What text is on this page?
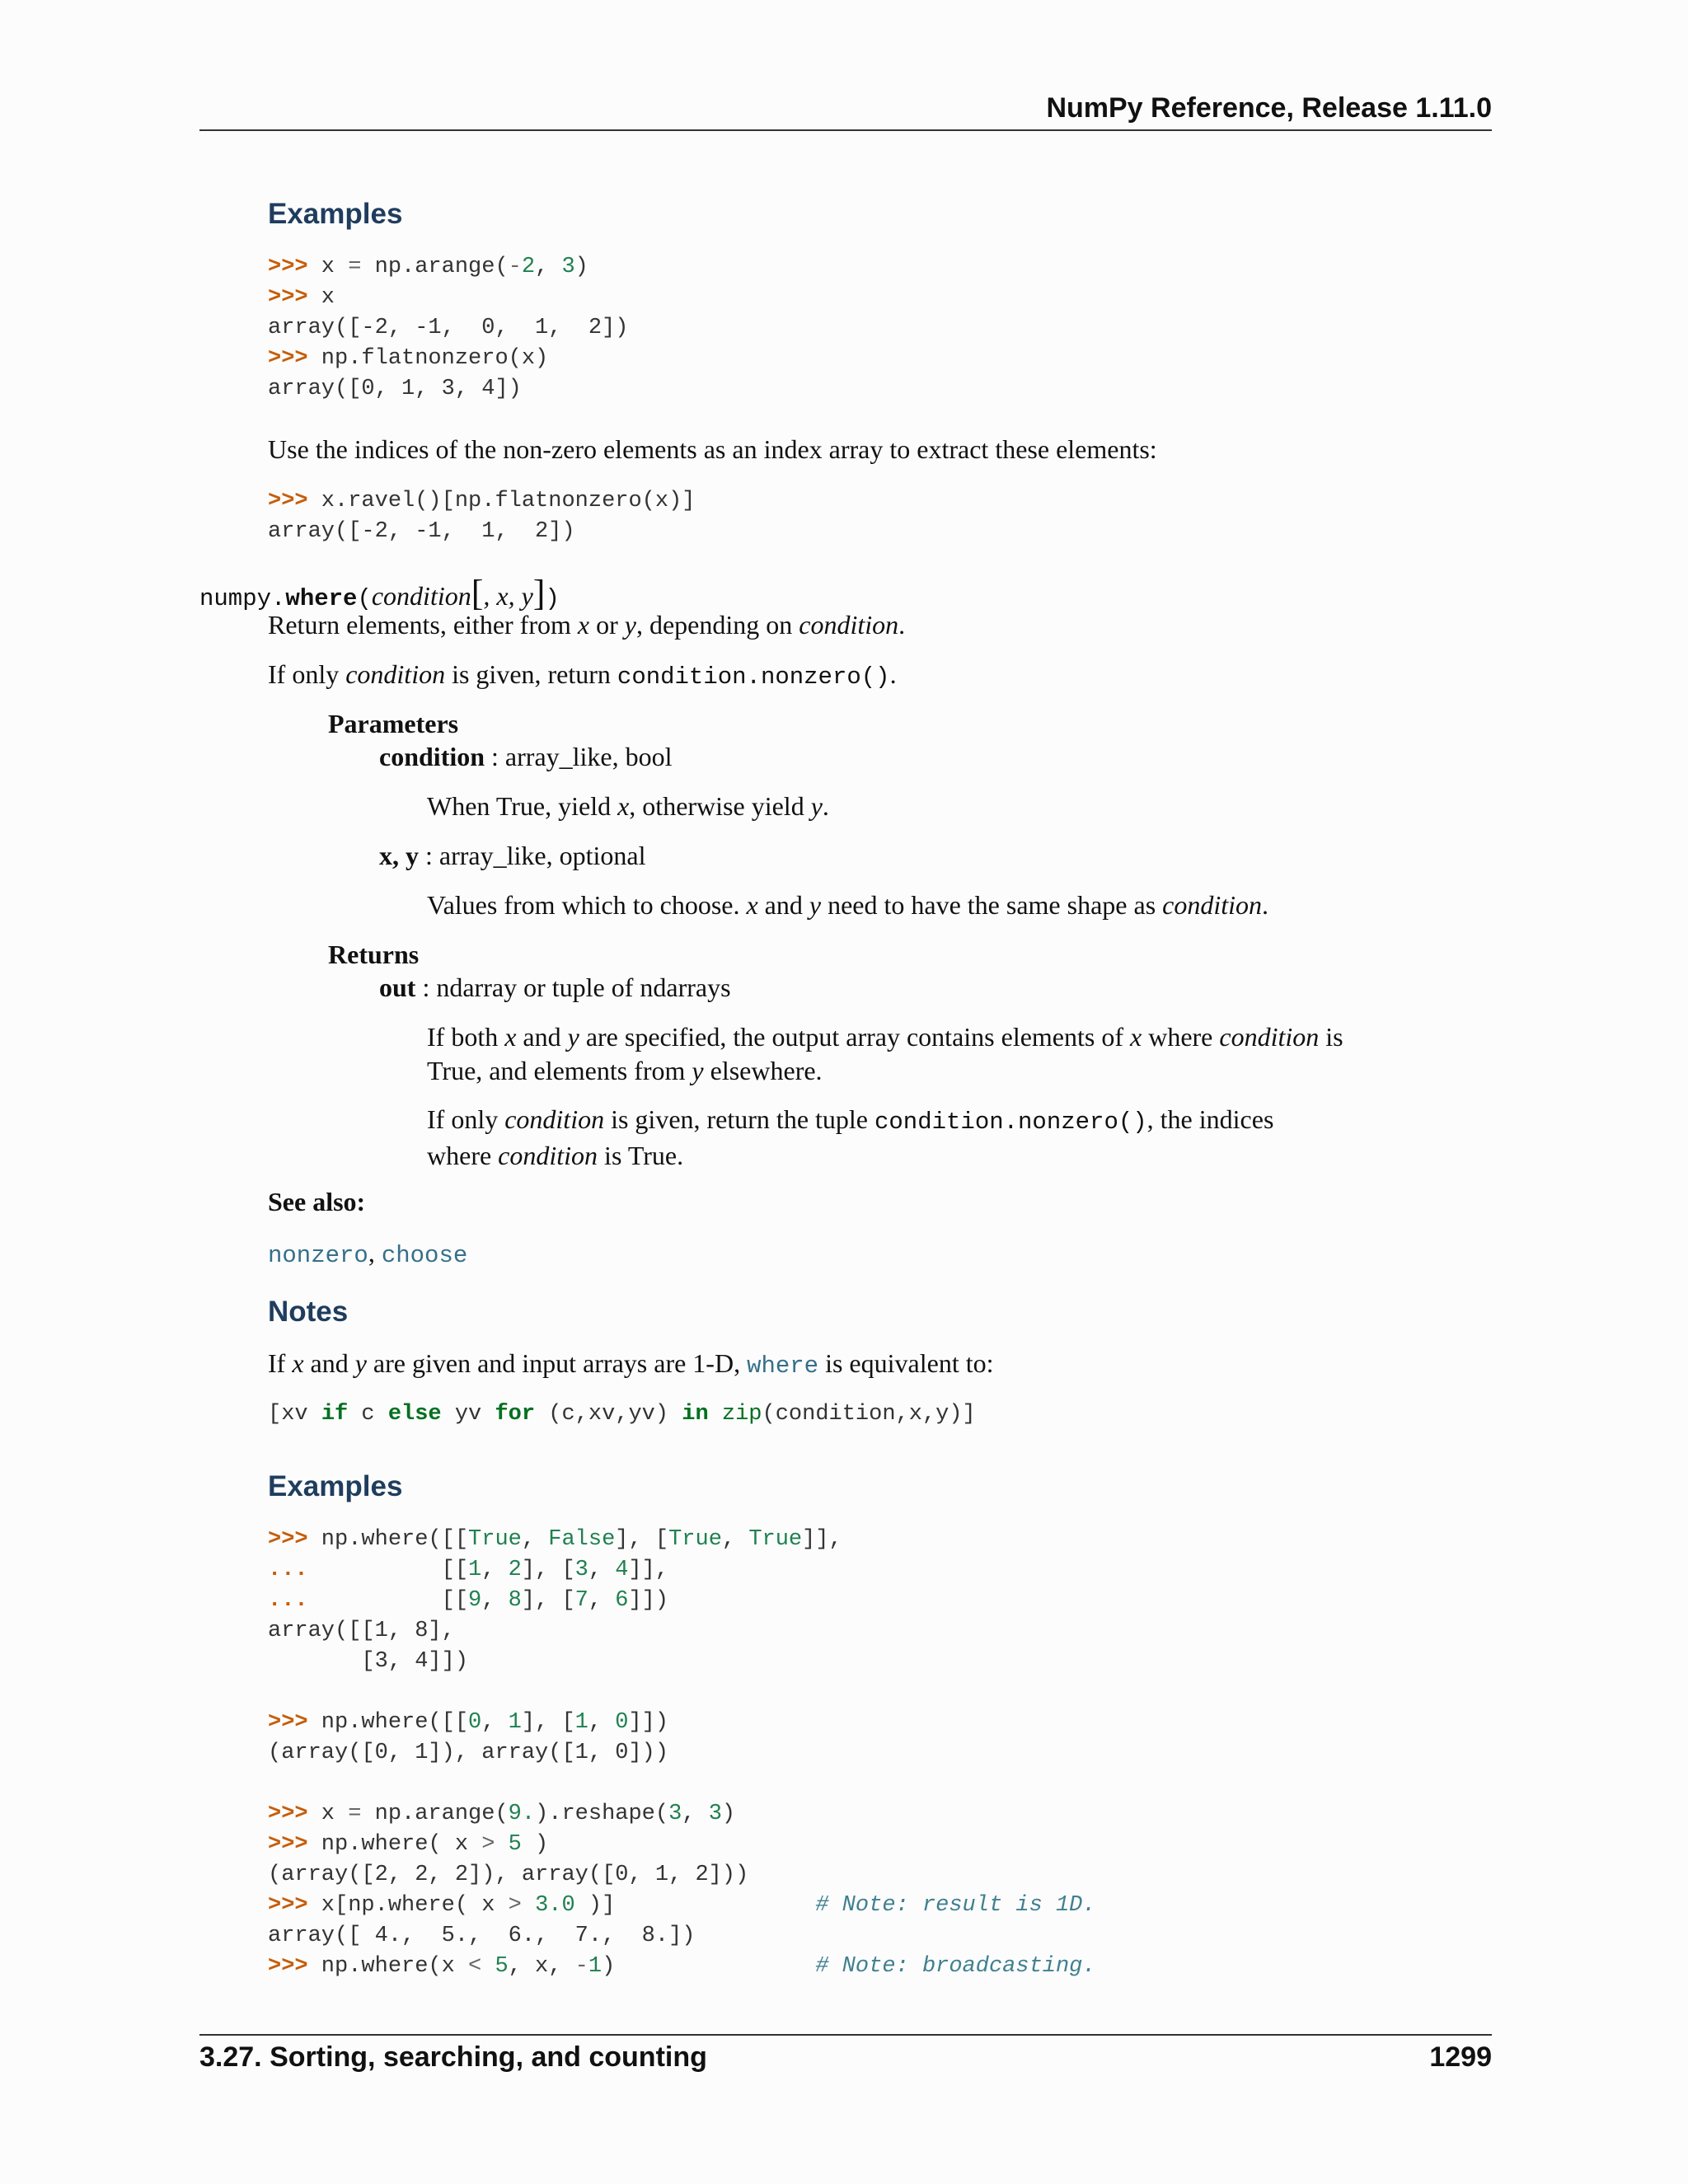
NumPy Reference, Release 1.11.0
Examples
>>> x = np.arange(-2, 3)
>>> x
array([-2, -1,  0,  1,  2])
>>> np.flatnonzero(x)
array([0, 1, 3, 4])
Use the indices of the non-zero elements as an index array to extract these elements:
>>> x.ravel()[np.flatnonzero(x)]
array([-2, -1,  1,  2])
numpy.where(condition[, x, y])
Return elements, either from x or y, depending on condition.
If only condition is given, return condition.nonzero().
Parameters
condition : array_like, bool
When True, yield x, otherwise yield y.
x, y : array_like, optional
Values from which to choose. x and y need to have the same shape as condition.
Returns
out : ndarray or tuple of ndarrays
If both x and y are specified, the output array contains elements of x where condition is
True, and elements from y elsewhere.
If only condition is given, return the tuple condition.nonzero(), the indices
where condition is True.
See also:
nonzero, choose
Notes
If x and y are given and input arrays are 1-D, where is equivalent to:
[xv if c else yv for (c,xv,yv) in zip(condition,x,y)]
Examples
>>> np.where([[True, False], [True, True]],
...          [[1, 2], [3, 4]],
...          [[9, 8], [7, 6]])
array([[1, 8],
[3, 4]])

>>> np.where([[0, 1], [1, 0]])
(array([0, 1]), array([1, 0]))

>>> x = np.arange(9.).reshape(3, 3)
>>> np.where( x > 5 )
(array([2, 2, 2]), array([0, 1, 2]))
>>> x[np.where( x > 3.0 )]               # Note: result is 1D.
array([ 4.,  5.,  6.,  7.,  8.])
>>> np.where(x < 5, x, -1)               # Note: broadcasting.
3.27. Sorting, searching, and counting	1299
